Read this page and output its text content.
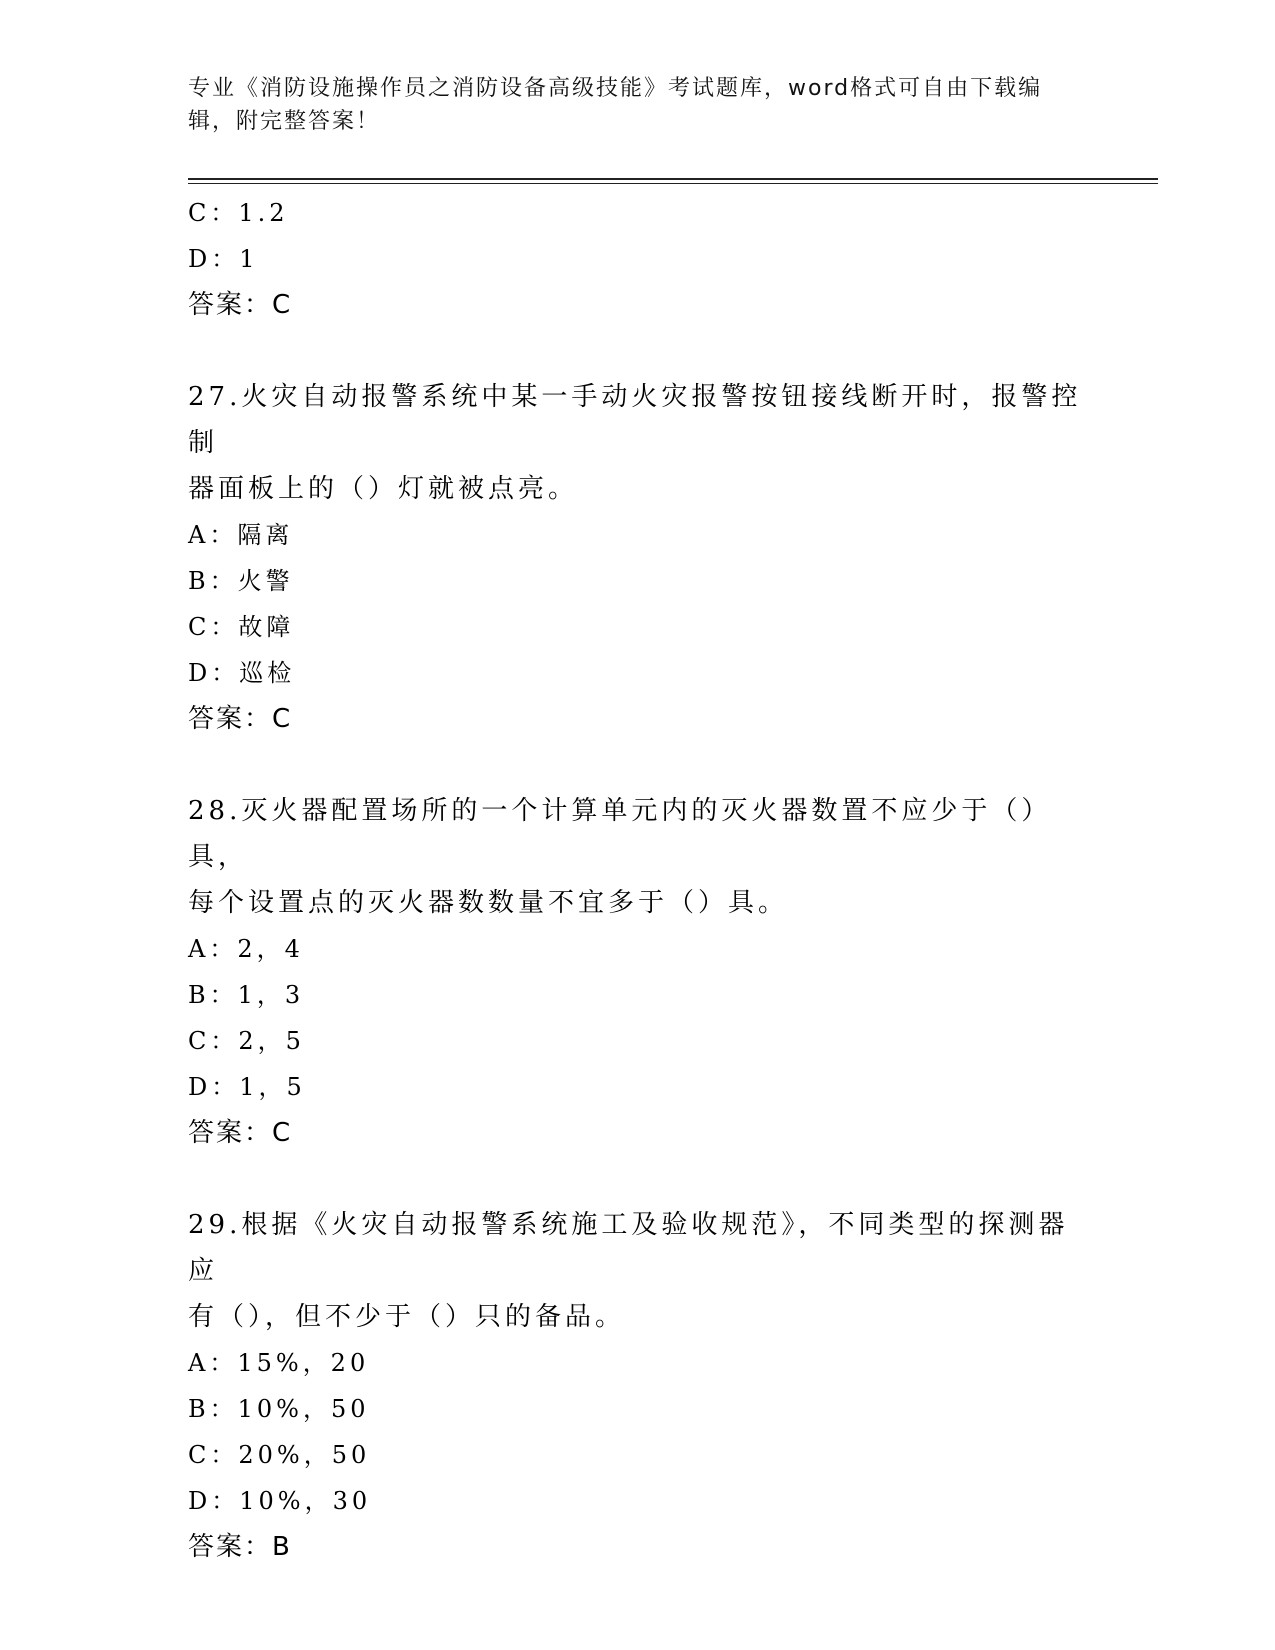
专业《消防设施操作员之消防设备高级技能》考试题库，word格式可自由下载编
辑，附完整答案！
C：1.2
D：1
答案：C
27.火灾自动报警系统中某一手动火灾报警按钮接线断开时，报警控制
器面板上的（）灯就被点亮。
A：隔离
B：火警
C：故障
D：巡检
答案：C
28.灭火器配置场所的一个计算单元内的灭火器数置不应少于（）具，
每个设置点的灭火器数数量不宜多于（）具。
A：2，4
B：1，3
C：2，5
D：1，5
答案：C
29.根据《火灾自动报警系统施工及验收规范》，不同类型的探测器应
有（），但不少于（）只的备品。
A：15%，20
B：10%，50
C：20%，50
D：10%，30
答案：B
